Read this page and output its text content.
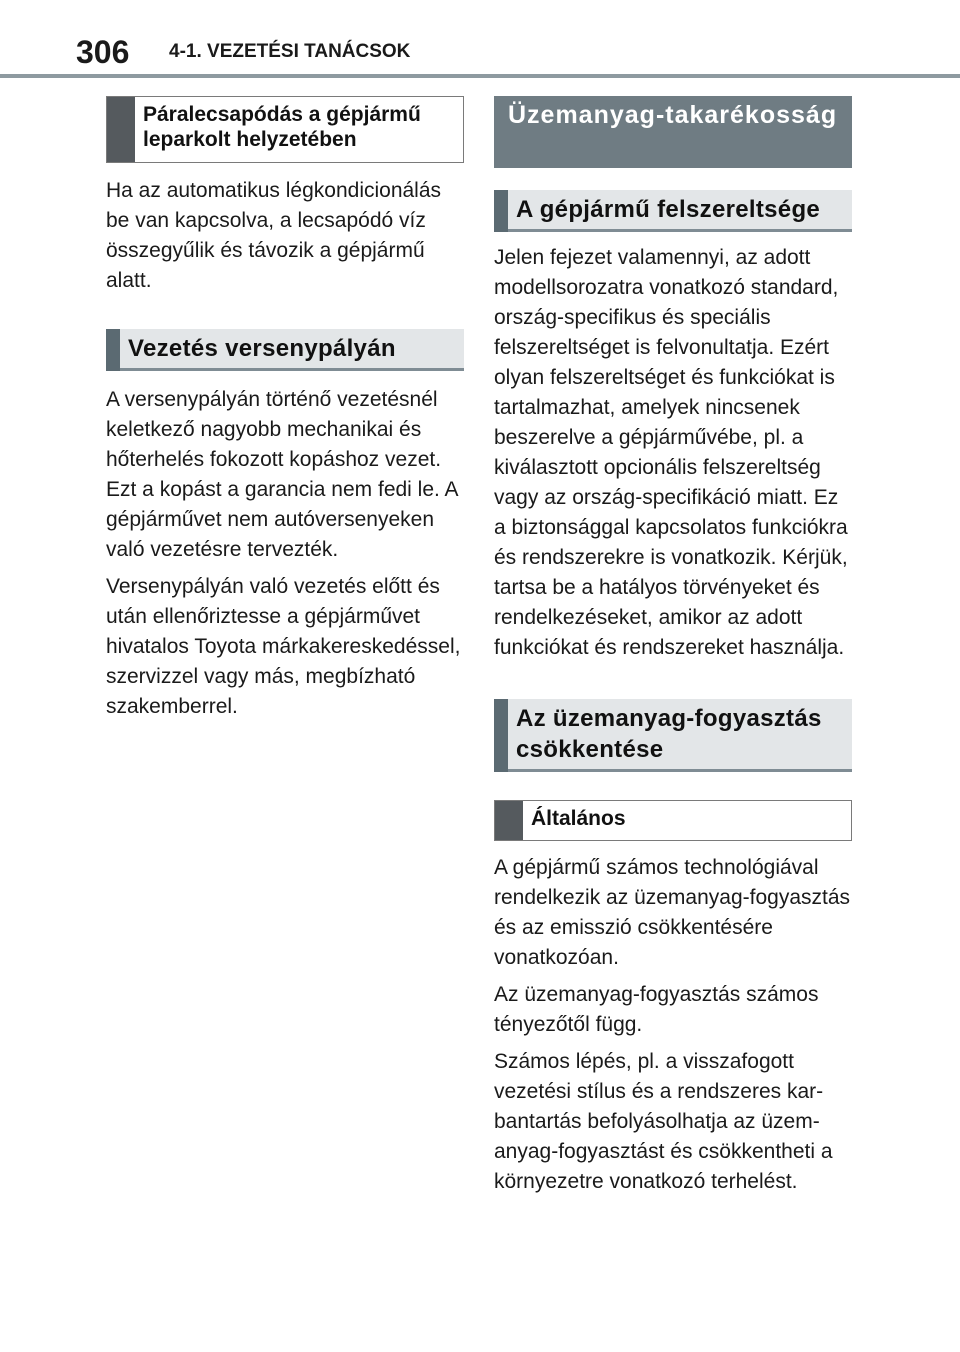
306 4-1. VEZETÉSI TANÁCSOK
Páralecsapódás a gépjármű leparkolt helyzetében

Ha az automatikus légkondicionálás be van kapcsolva, a lecsapódó víz összegyűlik és távozik a gépjármű alatt.

Vezetés versenypályán

A versenypályán történő vezetésnél keletkező nagyobb mechanikai és hőterhelés fokozott kopáshoz vezet. Ezt a kopást a garancia nem fedi le. A gépjárművet nem autóversenyeken való vezetésre tervezték.

Versenypályán való vezetés előtt és után ellenőriztesse a gépjárművet hivatalos Toyota márkakereskedéssel, szervizzel vagy más, megbízható szakemberrel.

Üzemanyag-takarékosság
A gépjármű felszereltsége

Jelen fejezet valamennyi, az adott modellsorozatra vonatkozó standard, ország-specifikus és speciális felszereltséget is felvonultatja. Ezért olyan felszereltséget és funkciókat is tartalmazhat, amelyek nincsenek beszerelve a gépjárművébe, pl. a kiválasztott opcionális felszereltség vagy az ország-specifikáció miatt. Ez a biztonsággal kapcsolatos funkciókra és rendszerekre is vonatkozik. Kérjük, tartsa be a hatályos törvényeket és rendelkezéseket, amikor az adott funkciókat és rendszereket használja.

Az üzemanyag-fogyasztás csökkentése
Általános

A gépjármű számos technológiával rendelkezik az üzemanyag-fogyasztás és az emisszió csökkentésére vonatkozóan.

Az üzemanyag-fogyasztás számos tényezőtől függ.

Számos lépés, pl. a visszafogott vezetési stílus és a rendszeres karbantartás befolyásolhatja az üzemanyag-fogyasztást és csökkentheti a környezetre vonatkozó terhelést.
